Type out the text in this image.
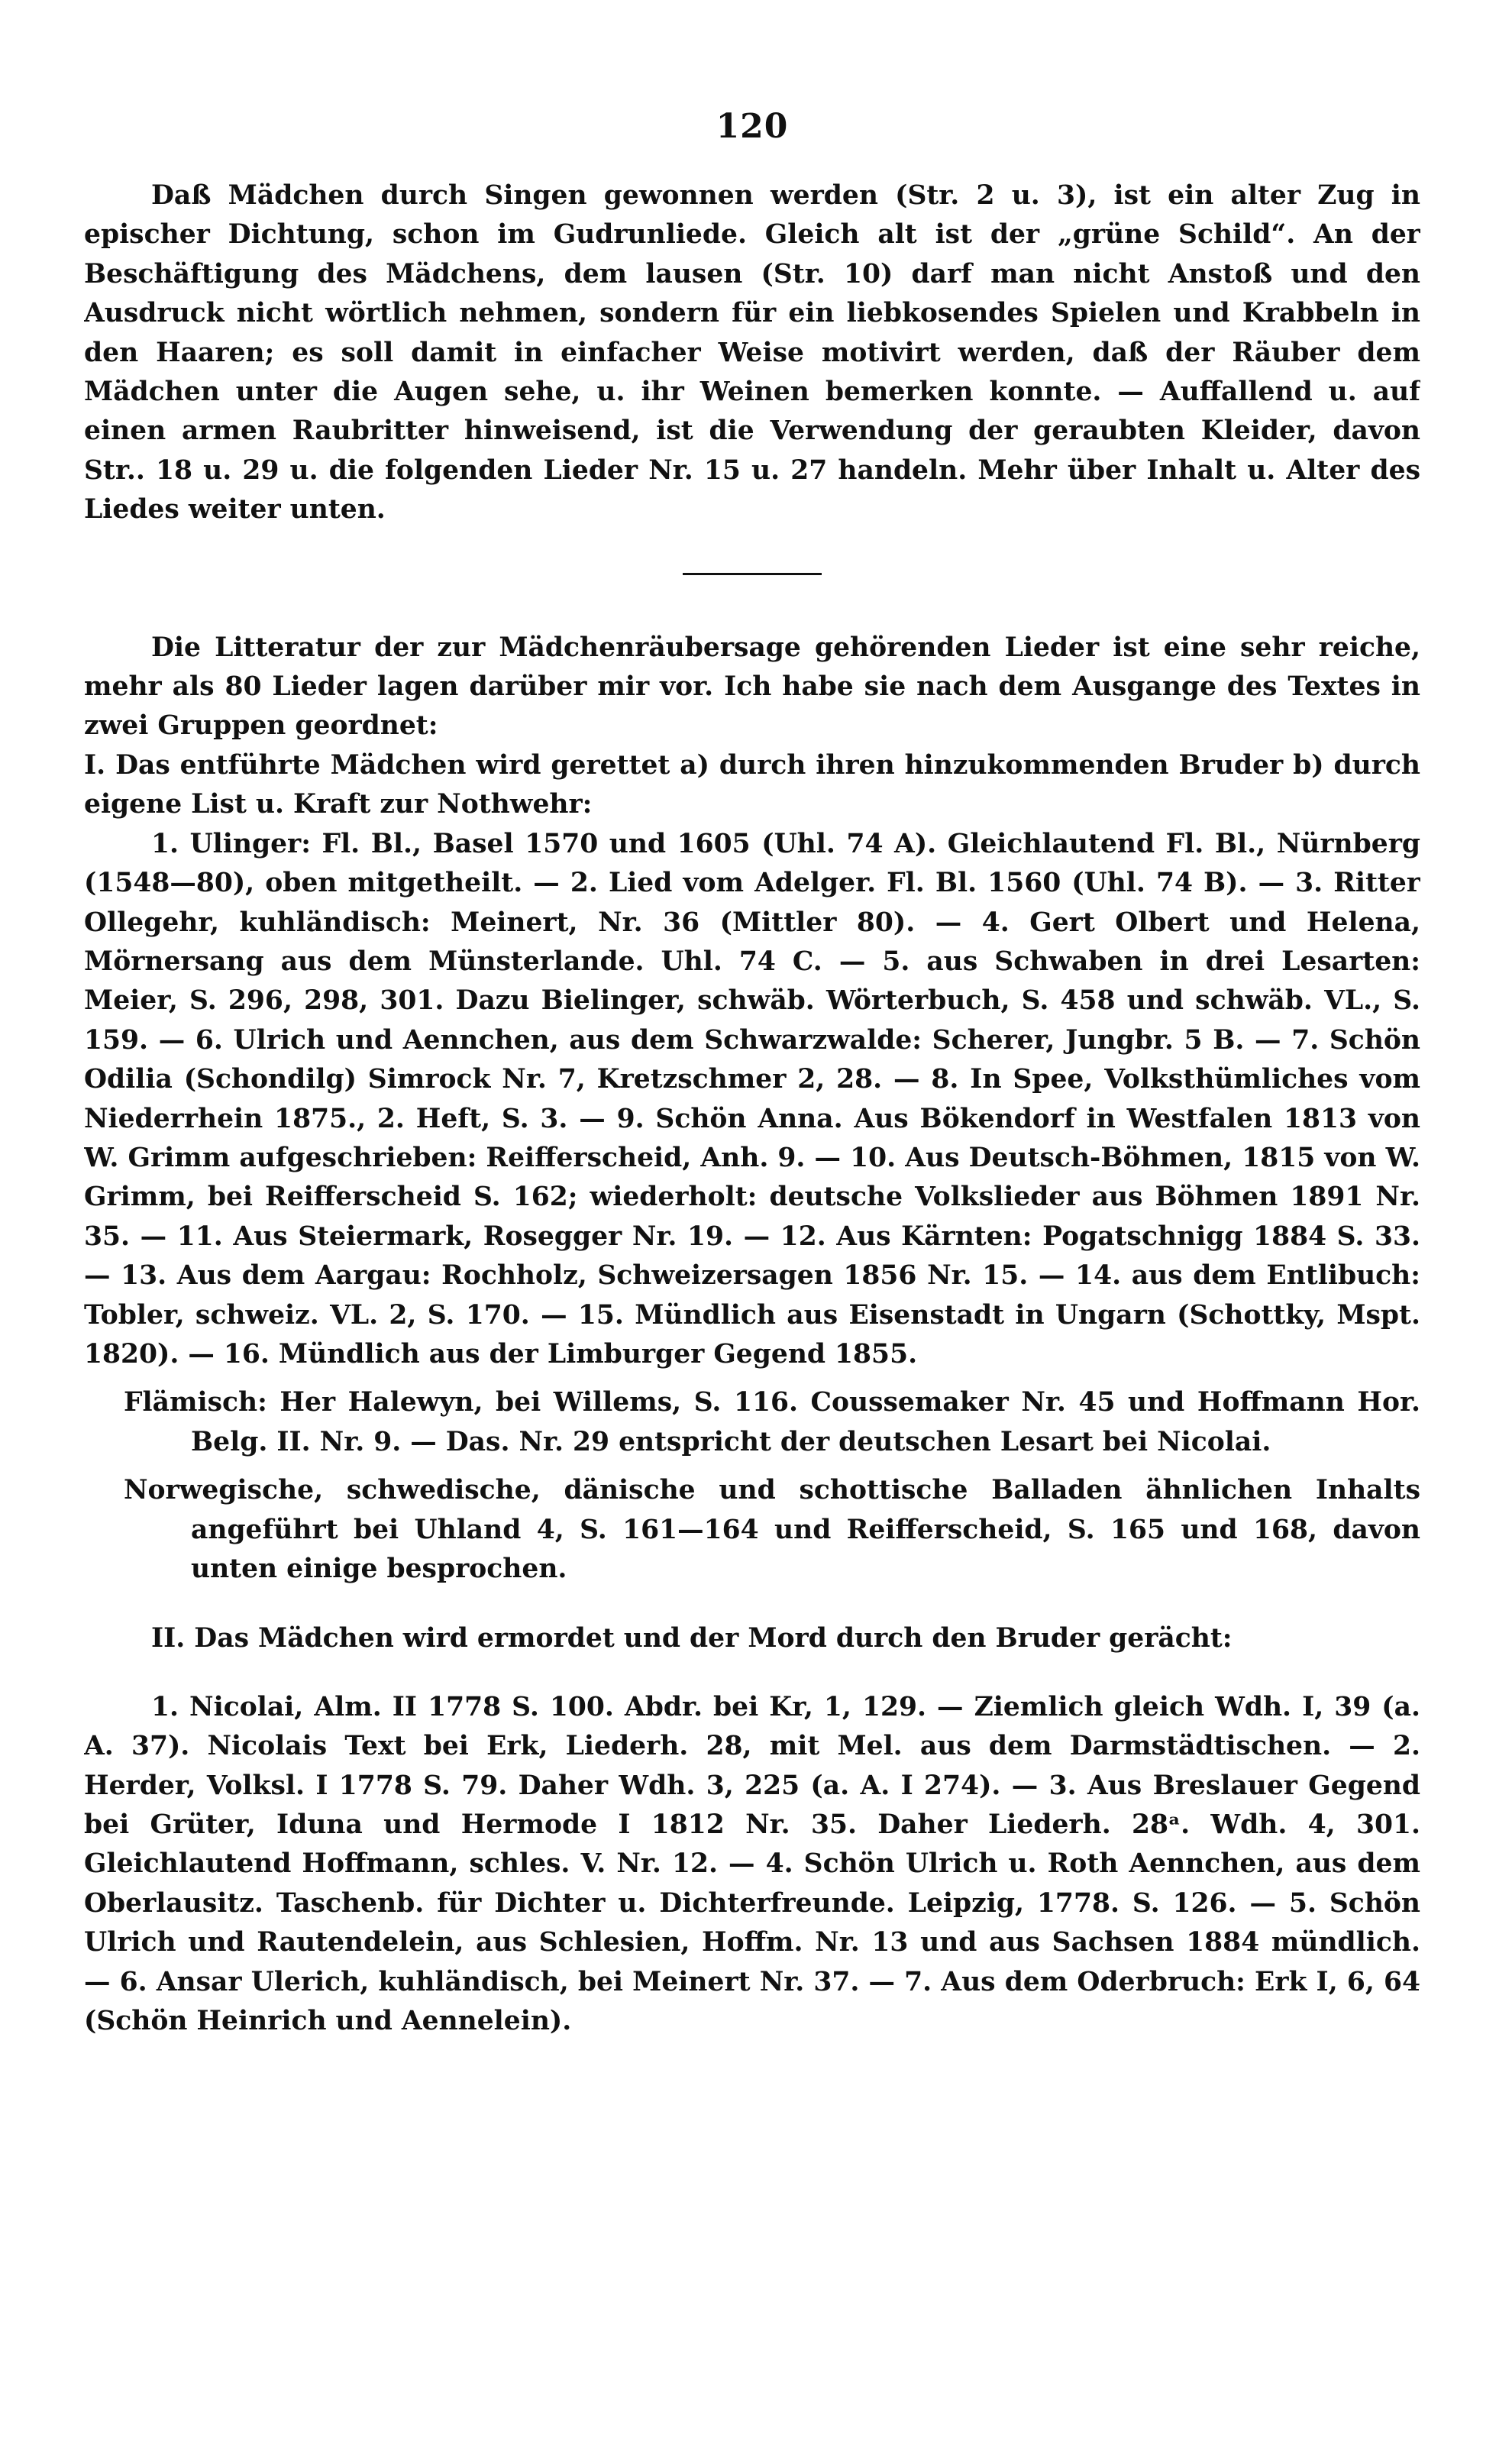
120

Daß Mädchen durch Singen gewonnen werden (Str. 2 u. 3), ist ein alter Zug in epischer Dichtung, schon im Gudrunliede. Gleich alt ist der „grüne Schild“. An der Beschäftigung des Mädchens, dem lausen (Str. 10) darf man nicht Anstoß und den Ausdruck nicht wörtlich nehmen, sondern für ein liebkosendes Spielen und Krabbeln in den Haaren; es soll damit in einfacher Weise motivirt werden, daß der Räuber dem Mädchen unter die Augen sehe, u. ihr Weinen bemerken konnte. — Auffallend u. auf einen armen Raubritter hinweisend, ist die Verwendung der geraubten Kleider, davon Str.. 18 u. 29 u. die folgenden Lieder Nr. 15 u. 27 handeln. Mehr über Inhalt u. Alter des Liedes weiter unten.

Die Litteratur der zur Mädchenräubersage gehörenden Lieder ist eine sehr reiche, mehr als 80 Lieder lagen darüber mir vor. Ich habe sie nach dem Ausgange des Textes in zwei Gruppen geordnet:

I. Das entführte Mädchen wird gerettet a) durch ihren hinzukommenden Bruder b) durch eigene List u. Kraft zur Nothwehr:

1. Ulinger: Fl. Bl., Basel 1570 und 1605 (Uhl. 74 A). Gleichlautend Fl. Bl., Nürnberg (1548—80), oben mitgetheilt. — 2. Lied vom Adelger. Fl. Bl. 1560 (Uhl. 74 B). — 3. Ritter Ollegehr, kuhländisch: Meinert, Nr. 36 (Mittler 80). — 4. Gert Olbert und Helena, Mörnersang aus dem Münsterlande. Uhl. 74 C. — 5. aus Schwaben in drei Lesarten: Meier, S. 296, 298, 301. Dazu Bielinger, schwäb. Wörterbuch, S. 458 und schwäb. VL., S. 159. — 6. Ulrich und Aennchen, aus dem Schwarzwalde: Scherer, Jungbr. 5 B. — 7. Schön Odilia (Schondilg) Simrock Nr. 7, Kretzschmer 2, 28. — 8. In Spee, Volksthümliches vom Niederrhein 1875., 2. Heft, S. 3. — 9. Schön Anna. Aus Bökendorf in Westfalen 1813 von W. Grimm aufgeschrieben: Reifferscheid, Anh. 9. — 10. Aus Deutsch-Böhmen, 1815 von W. Grimm, bei Reifferscheid S. 162; wiederholt: deutsche Volkslieder aus Böhmen 1891 Nr. 35. — 11. Aus Steiermark, Rosegger Nr. 19. — 12. Aus Kärnten: Pogatschnigg 1884 S. 33. — 13. Aus dem Aargau: Rochholz, Schweizersagen 1856 Nr. 15. — 14. aus dem Entlibuch: Tobler, schweiz. VL. 2, S. 170. — 15. Mündlich aus Eisenstadt in Ungarn (Schottky, Mspt. 1820). — 16. Mündlich aus der Limburger Gegend 1855.

Flämisch: Her Halewyn, bei Willems, S. 116. Coussemaker Nr. 45 und Hoffmann Hor. Belg. II. Nr. 9. — Das. Nr. 29 entspricht der deutschen Lesart bei Nicolai.

Norwegische, schwedische, dänische und schottische Balladen ähnlichen Inhalts angeführt bei Uhland 4, S. 161—164 und Reifferscheid, S. 165 und 168, davon unten einige besprochen.

II. Das Mädchen wird ermordet und der Mord durch den Bruder gerächt:

1. Nicolai, Alm. II 1778 S. 100. Abdr. bei Kr, 1, 129. — Ziemlich gleich Wdh. I, 39 (a. A. 37). Nicolais Text bei Erk, Liederh. 28, mit Mel. aus dem Darmstädtischen. — 2. Herder, Volksl. I 1778 S. 79. Daher Wdh. 3, 225 (a. A. I 274). — 3. Aus Breslauer Gegend bei Grüter, Iduna und Hermode I 1812 Nr. 35. Daher Liederh. 28ᵃ. Wdh. 4, 301. Gleichlautend Hoffmann, schles. V. Nr. 12. — 4. Schön Ulrich u. Roth Aennchen, aus dem Oberlausitz. Taschenb. für Dichter u. Dichterfreunde. Leipzig, 1778. S. 126. — 5. Schön Ulrich und Rautendelein, aus Schlesien, Hoffm. Nr. 13 und aus Sachsen 1884 mündlich. — 6. Ansar Ulerich, kuhländisch, bei Meinert Nr. 37. — 7. Aus dem Oderbruch: Erk I, 6, 64 (Schön Heinrich und Aennelein).
